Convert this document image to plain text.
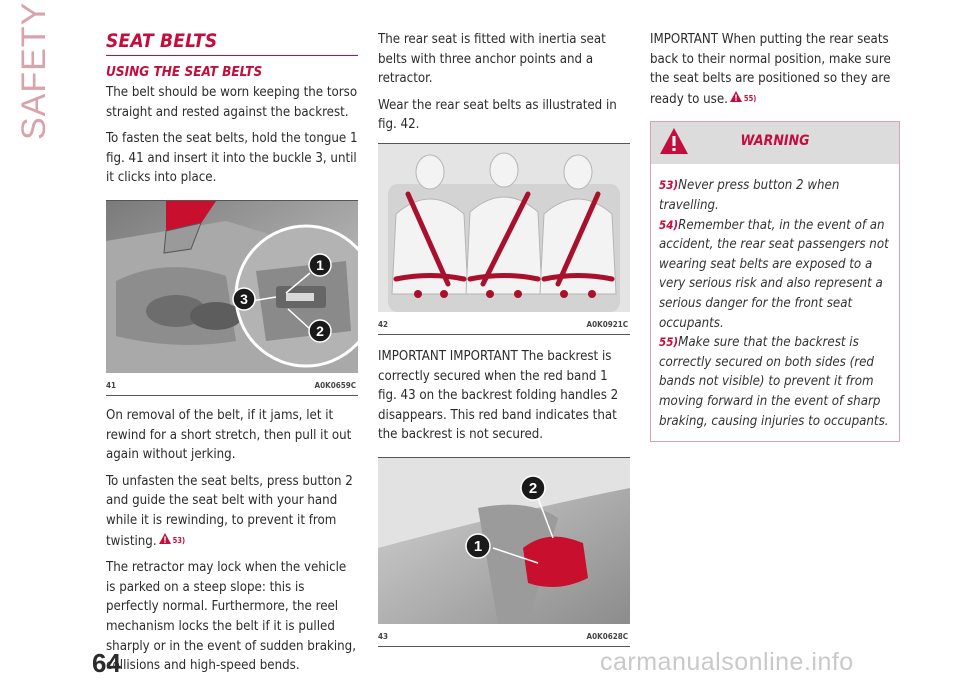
SAFETY	SEAT BELTS
USING THE SEAT BELTS

The belt should be worn keeping the torso straight and rested against the backrest.

To fasten the seat belts, hold the tongue 1 fig. 41 and insert it into the buckle 3, until it clicks into place.

1
2
3
41	A0K0659C

On removal of the belt, if it jams, let it rewind for a short stretch, then pull it out again without jerking.

To unfasten the seat belts, press button 2 and guide the seat belt with your hand while it is rewinding, to prevent it from twisting. 53)

The retractor may lock when the vehicle is parked on a steep slope: this is perfectly normal. Furthermore, the reel mechanism locks the belt if it is pulled sharply or in the event of sudden braking, collisions and high-speed bends.

The rear seat is fitted with inertia seat belts with three anchor points and a retractor.

Wear the rear seat belts as illustrated in fig. 42.

42	A0K0921C

IMPORTANT IMPORTANT The backrest is correctly secured when the red band 1 fig. 43 on the backrest folding handles 2 disappears. This red band indicates that the backrest is not secured.

2
1
43	A0K0628C

IMPORTANT When putting the rear seats back to their normal position, make sure the seat belts are positioned so they are ready to use. 55)

WARNING

53)Never press button 2 when travelling.

54)Remember that, in the event of an accident, the rear seat passengers not wearing seat belts are exposed to a very serious risk and also represent a serious danger for the front seat occupants.

55)Make sure that the backrest is correctly secured on both sides (red bands not visible) to prevent it from moving forward in the event of sharp braking, causing injuries to occupants.

64	carmanualsonline.info
